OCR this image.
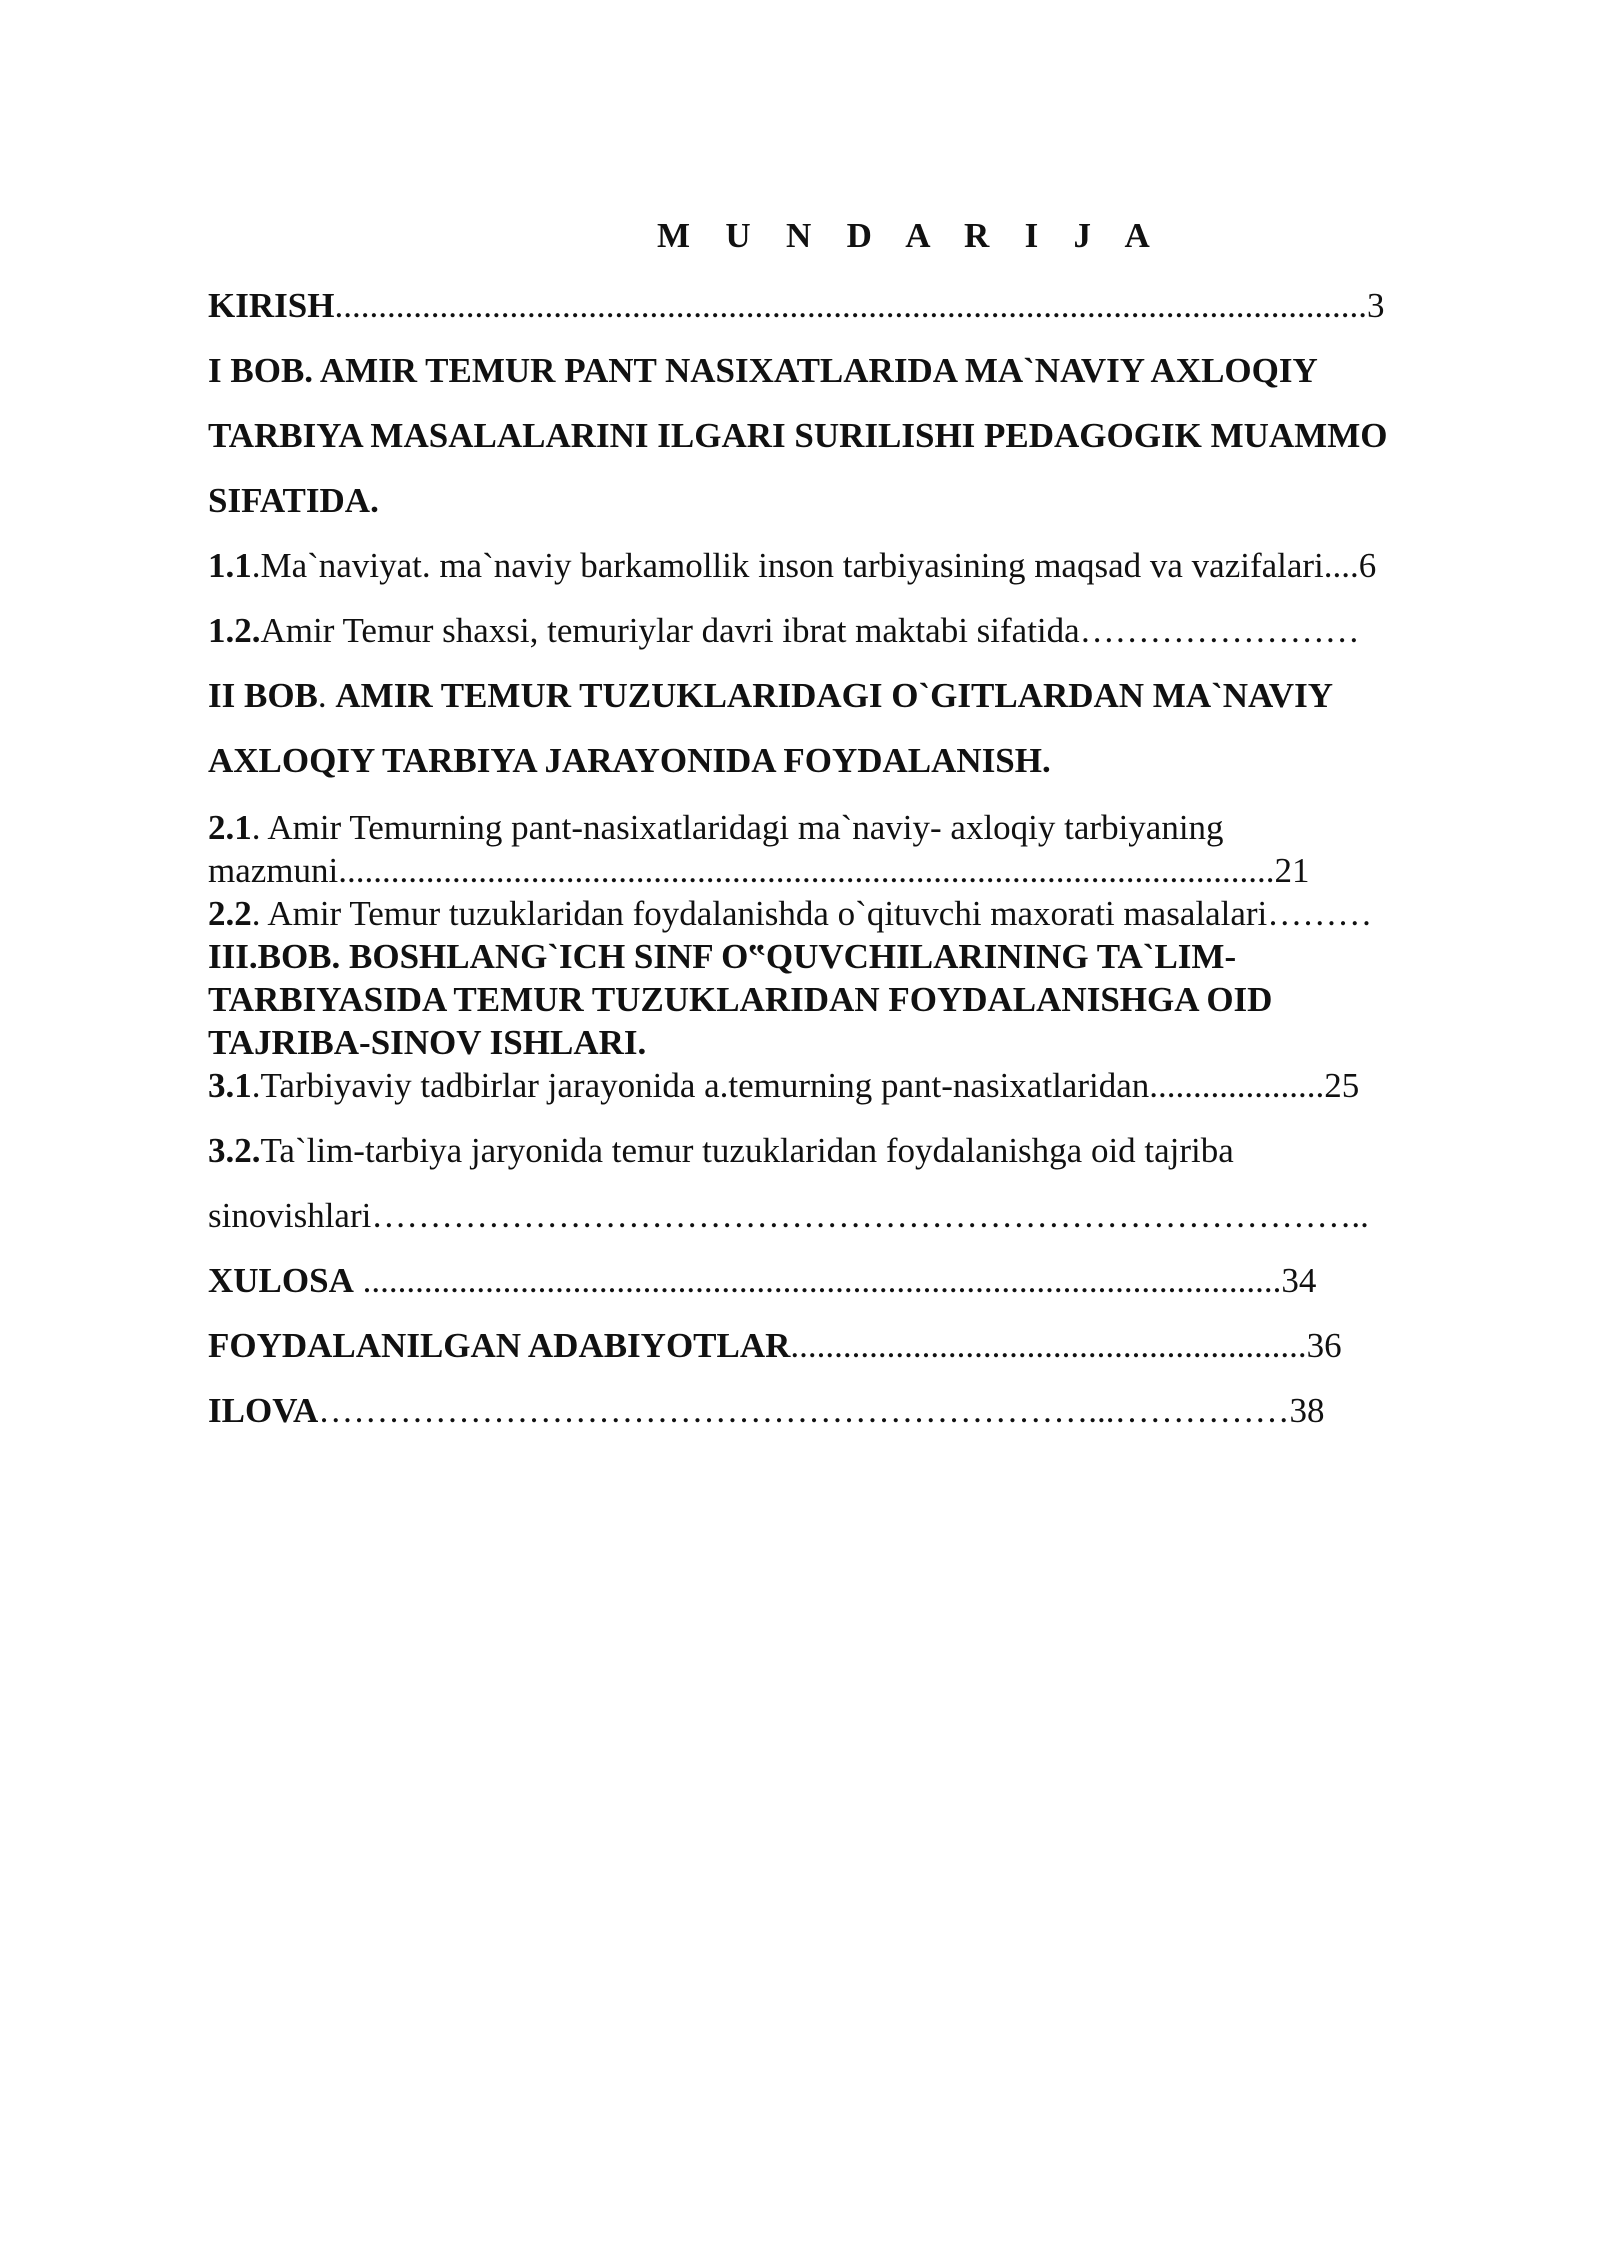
M U N D A R I J A
KIRISH......................................................................................................................3
I BOB. AMIR TEMUR PANT NASIXATLARIDA MA`NAVIY AXLOQIY
TARBIYA MASALALARINI ILGARI SURILISHI PEDAGOGIK MUAMMO
SIFATIDA.
1.1.Ma`naviyat. ma`naviy barkamollik inson tarbiyasining maqsad va vazifalari....6
1.2.Amir Temur shaxsi, temuriylar davri ibrat maktabi sifatida……………………
II BOB. AMIR TEMUR TUZUKLARIDAGI O`GITLARDAN MA`NAVIY
AXLOQIY TARBIYA JARAYONIDA FOYDALANISH.
2.1. Amir Temurning pant-nasixatlaridagi ma`naviy- axloqiy tarbiyaning
mazmuni...........................................................................................................21
2.2. Amir Temur tuzuklaridan foydalanishda o`qituvchi maxorati masalalari………
III.BOB. BOSHLANG`ICH SINF O‟QUVCHILARINING TA`LIM-
TARBIYASIDA TEMUR TUZUKLARIDAN FOYDALANISHGA OID
TAJRIBA-SINOV ISHLARI.
3.1.Tarbiyaviy tadbirlar jarayonida a.temurning pant-nasixatlaridan....................25
3.2.Ta`lim-tarbiya jaryonida temur tuzuklaridan foydalanishga oid tajriba
sinovishlari…………………………………………………………………………..
XULOSA .........................................................................................................34
FOYDALANILGAN ADABIYOTLAR...........................................................36
ILOVA…………………………………………………………...……………38
